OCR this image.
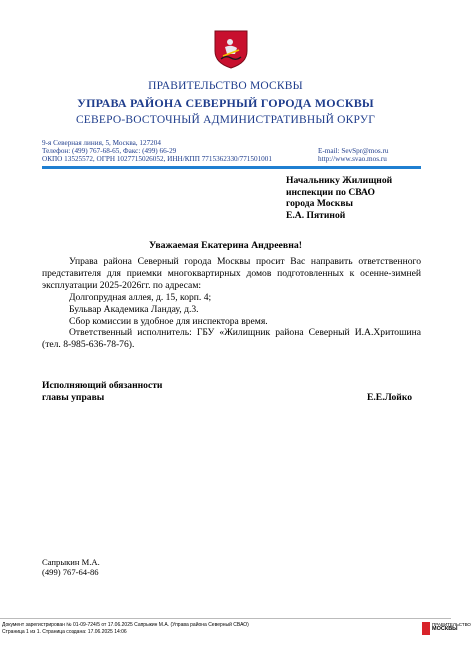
ПРАВИТЕЛЬСТВО МОСКВЫ
УПРАВА РАЙОНА СЕВЕРНЫЙ ГОРОДА МОСКВЫ
СЕВЕРО-ВОСТОЧНЫЙ АДМИНИСТРАТИВНЫЙ ОКРУГ
9-я Северная линия, 5, Москва, 127204
Телефон: (499) 767-68-65, Факс: (499) 66-29
ОКПО 13525572, ОГРН 1027715026052, ИНН/КПП 7715362330/771501001
E-mail: SevSpr@mos.ru
http://www.svao.mos.ru
Начальнику Жилищной
инспекции по СВАО
города Москвы
Е.А. Пятиной
Уважаемая Екатерина Андреевна!

Управа района Северный города Москвы просит Вас направить ответственного представителя для приемки многоквартирных домов подготовленных к осенне-зимней эксплуатации 2025-2026гг. по адресам:

Долгопрудная аллея, д. 15, корп. 4;

Бульвар Академика Ландау, д.3.

Сбор комиссии в удобное для инспектора время.

Ответственный исполнитель: ГБУ «Жилищник района Северный И.А.Хритошина (тел. 8-985-636-78-76).

Исполняющий обязанности
главы управы	Е.Е.Лойко
Сапрыкин М.А.
(499) 767-64-86
Документ зарегистрирован № 01-09-724/5 от 17.06.2025 Сапрыкин М.А. (Управа района Северный СВАО)
Страница 1 из 1. Страница создана: 17.06.2025 14:06
ПРАВИТЕЛЬСТВО
МОСКВЫ
